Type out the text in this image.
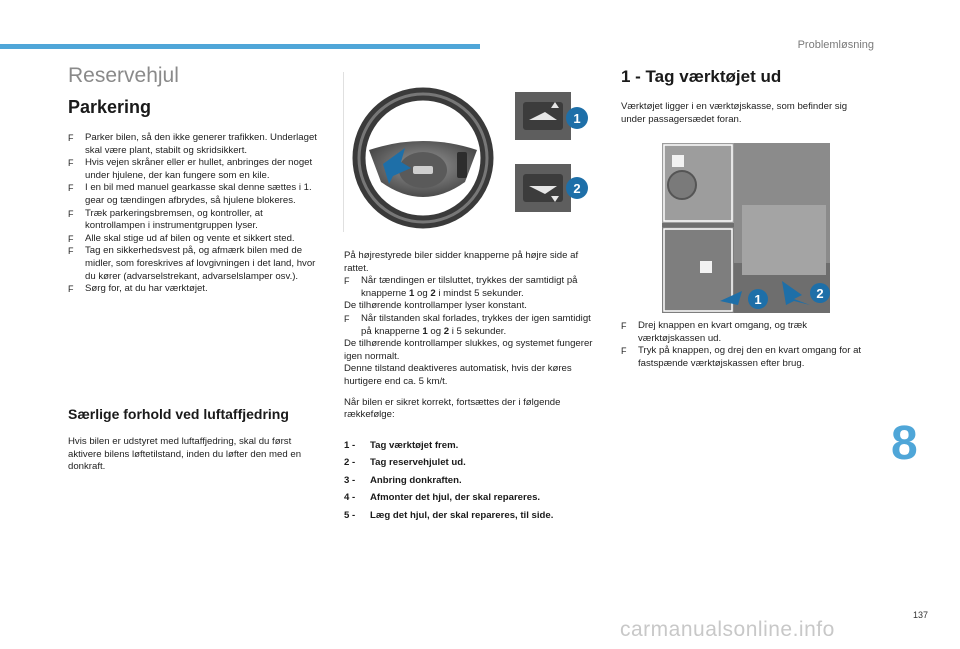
Problemløsning
Reservehjul
Parkering
F Parker bilen, så den ikke generer trafikken. Underlaget skal være plant, stabilt og skridsikkert.
F Hvis vejen skråner eller er hullet, anbringes der noget under hjulene, der kan fungere som en kile.
F I en bil med manuel gearkasse skal denne sættes i 1. gear og tændingen afbrydes, så hjulene blokeres.
F Træk parkeringsbremsen, og kontroller, at kontrollampen i instrumentgruppen lyser.
F Alle skal stige ud af bilen og vente et sikkert sted.
F Tag en sikkerhedsvest på, og afmærk bilen med de midler, som foreskrives af lovgivningen i det land, hvor du kører (advarselstrekant, advarselslamper osv.).
F Sørg for, at du har værktøjet.
Særlige forhold ved luftaffjedring

Hvis bilen er udstyret med luftaffjedring, skal du først aktivere bilens løftetilstand, inden du løfter den med en donkraft.

1
2

På højrestyrede biler sidder knapperne på højre side af rattet.

F Når tændingen er tilsluttet, trykkes der samtidigt på knapperne 1 og 2 i mindst 5 sekunder.

De tilhørende kontrollamper lyser konstant.

F Når tilstanden skal forlades, trykkes der igen samtidigt på knapperne 1 og 2 i 5 sekunder.

De tilhørende kontrollamper slukkes, og systemet fungerer igen normalt.

Denne tilstand deaktiveres automatisk, hvis der køres hurtigere end ca. 5 km/t.

Når bilen er sikret korrekt, fortsættes der i følgende rækkefølge:

1 -	Tag værktøjet frem.
2 -	Tag reservehjulet ud.
3 -	Anbring donkraften.
4 -	Afmonter det hjul, der skal repareres.
5 -	Læg det hjul, der skal repareres, til side.
1 - Tag værktøjet ud

Værktøjet ligger i en værktøjskasse, som befinder sig under passagersædet foran.

1	2
F Drej knappen en kvart omgang, og træk værktøjskassen ud.
F Tryk på knappen, og drej den en kvart omgang for at fastspænde værktøjskassen efter brug.
8
137
carmanualsonline.info
